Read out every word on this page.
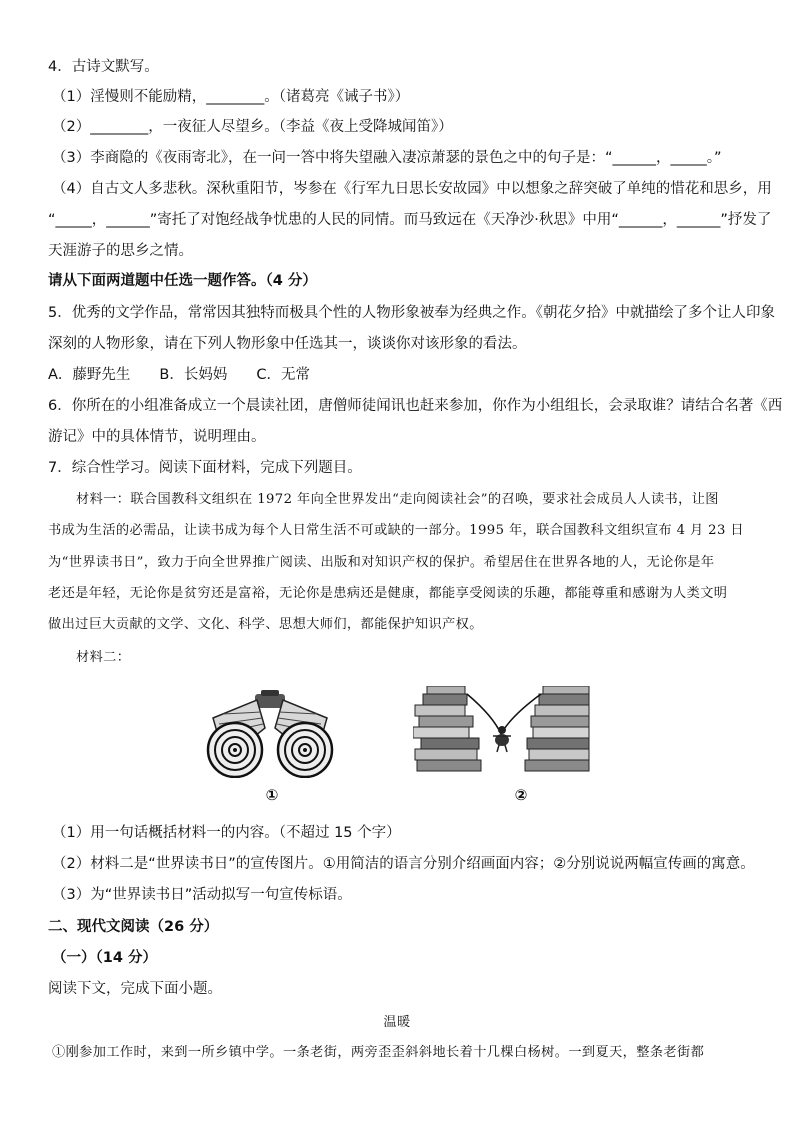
4．古诗文默写。
（1）淫慢则不能励精，________。（诸葛亮《诫子书》）
（2）________，一夜征人尽望乡。（李益《夜上受降城闻笛》）
（3）李商隐的《夜雨寄北》，在一问一答中将失望融入凄凉萧瑟的景色之中的句子是：“______，_____。”
（4）自古文人多悲秋。深秋重阳节，岑参在《行军九日思长安故园》中以想象之辞突破了单纯的惜花和思乡，用
“_____，______”寄托了对饱经战争忧患的人民的同情。而马致远在《天净沙·秋思》中用“______，______”抒发了
天涯游子的思乡之情。
请从下面两道题中任选一题作答。（4 分）
5．优秀的文学作品，常常因其独特而极具个性的人物形象被奉为经典之作。《朝花夕拾》中就描绘了多个让人印象
深刻的人物形象，请在下列人物形象中任选其一，谈谈你对该形象的看法。
A．藤野先生　　B．长妈妈　　C．无常
6．你所在的小组准备成立一个晨读社团，唐僧师徒闻讯也赶来参加，你作为小组组长，会录取谁？请结合名著《西
游记》中的具体情节，说明理由。
7．综合性学习。阅读下面材料，完成下列题目。
材料一：联合国教科文组织在 1972 年向全世界发出“走向阅读社会”的召唤，要求社会成员人人读书，让图
书成为生活的必需品，让读书成为每个人日常生活不可或缺的一部分。1995 年，联合国教科文组织宣布 4 月 23 日
为“世界读书日”，致力于向全世界推广阅读、出版和对知识产权的保护。希望居住在世界各地的人，无论你是年
老还是年轻，无论你是贫穷还是富裕，无论你是患病还是健康，都能享受阅读的乐趣，都能尊重和感谢为人类文明
做出过巨大贡献的文学、文化、科学、思想大师们，都能保护知识产权。
材料二：
①	②
（1）用一句话概括材料一的内容。（不超过 15 个字）
（2）材料二是“世界读书日”的宣传图片。①用简洁的语言分别介绍画面内容；②分别说说两幅宣传画的寓意。
（3）为“世界读书日”活动拟写一句宣传标语。
二、现代文阅读（26 分）
（一）（14 分）
阅读下文，完成下面小题。
温暖
①刚参加工作时，来到一所乡镇中学。一条老街，两旁歪歪斜斜地长着十几棵白杨树。一到夏天，整条老街都
